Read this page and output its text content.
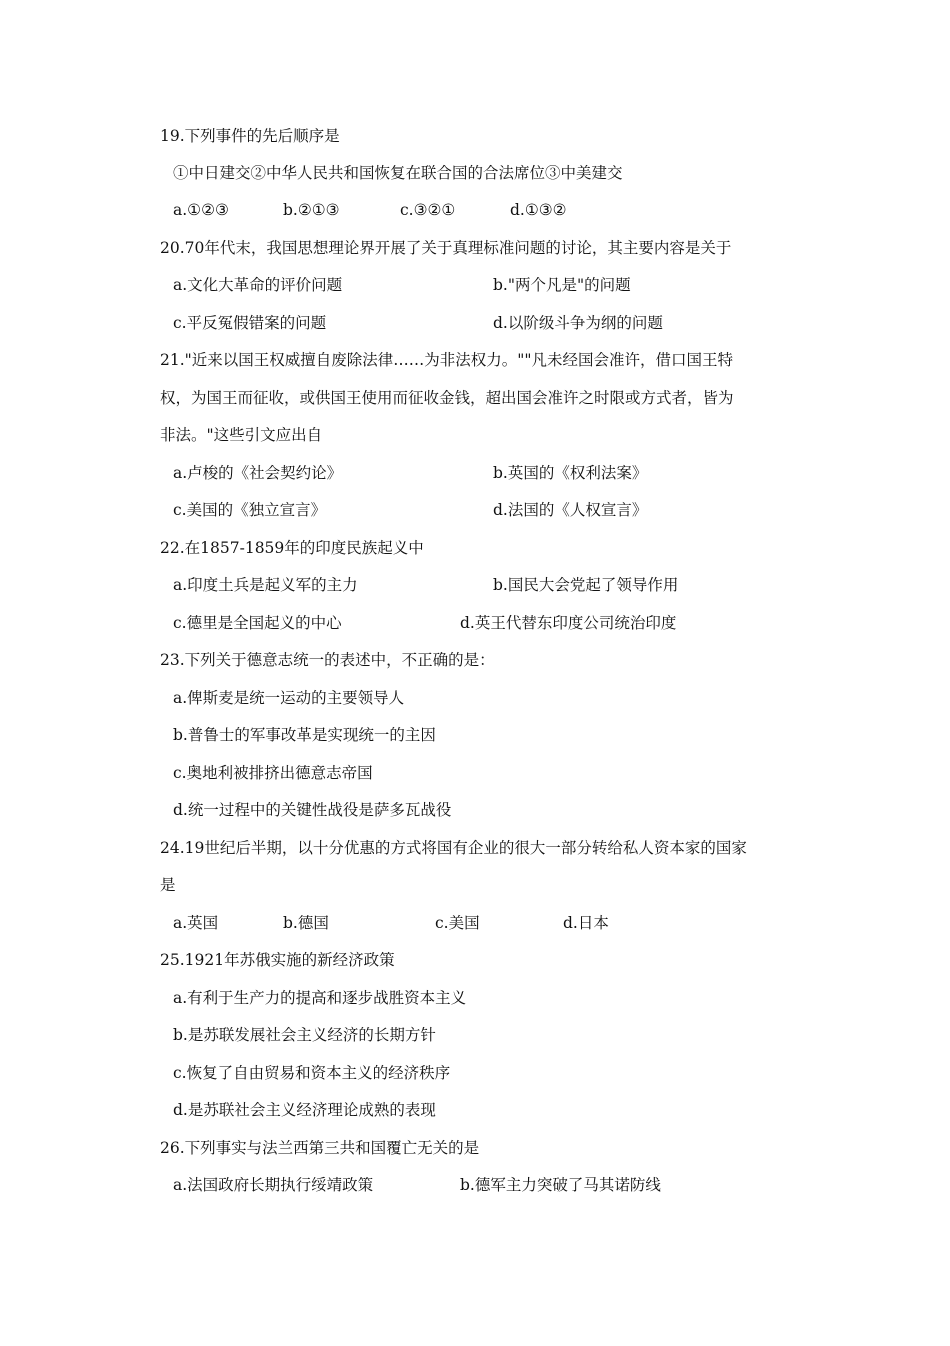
19.下列事件的先后顺序是
①中日建交②中华人民共和国恢复在联合国的合法席位③中美建交
a.①②③	b.②①③	c.③②①	d.①③②
20.70年代末，我国思想理论界开展了关于真理标准问题的讨论，其主要内容是关于
a.文化大革命的评价问题	b."两个凡是"的问题
c.平反冤假错案的问题	d.以阶级斗争为纲的问题
21."近来以国王权威擅自废除法律……为非法权力。""凡未经国会准许，借口国王特
权，为国王而征收，或供国王使用而征收金钱，超出国会准许之时限或方式者，皆为
非法。"这些引文应出自
a.卢梭的《社会契约论》	b.英国的《权利法案》
c.美国的《独立宣言》	d.法国的《人权宣言》
22.在1857-1859年的印度民族起义中
a.印度土兵是起义军的主力	b.国民大会党起了领导作用
c.德里是全国起义的中心	d.英王代替东印度公司统治印度
23.下列关于德意志统一的表述中，不正确的是：
a.俾斯麦是统一运动的主要领导人
b.普鲁士的军事改革是实现统一的主因
c.奥地利被排挤出德意志帝国
d.统一过程中的关键性战役是萨多瓦战役
24.19世纪后半期，以十分优惠的方式将国有企业的很大一部分转给私人资本家的国家
是
a.英国	b.德国	c.美国	d.日本
25.1921年苏俄实施的新经济政策
a.有利于生产力的提高和逐步战胜资本主义
b.是苏联发展社会主义经济的长期方针
c.恢复了自由贸易和资本主义的经济秩序
d.是苏联社会主义经济理论成熟的表现
26.下列事实与法兰西第三共和国覆亡无关的是
a.法国政府长期执行绥靖政策	b.德军主力突破了马其诺防线
